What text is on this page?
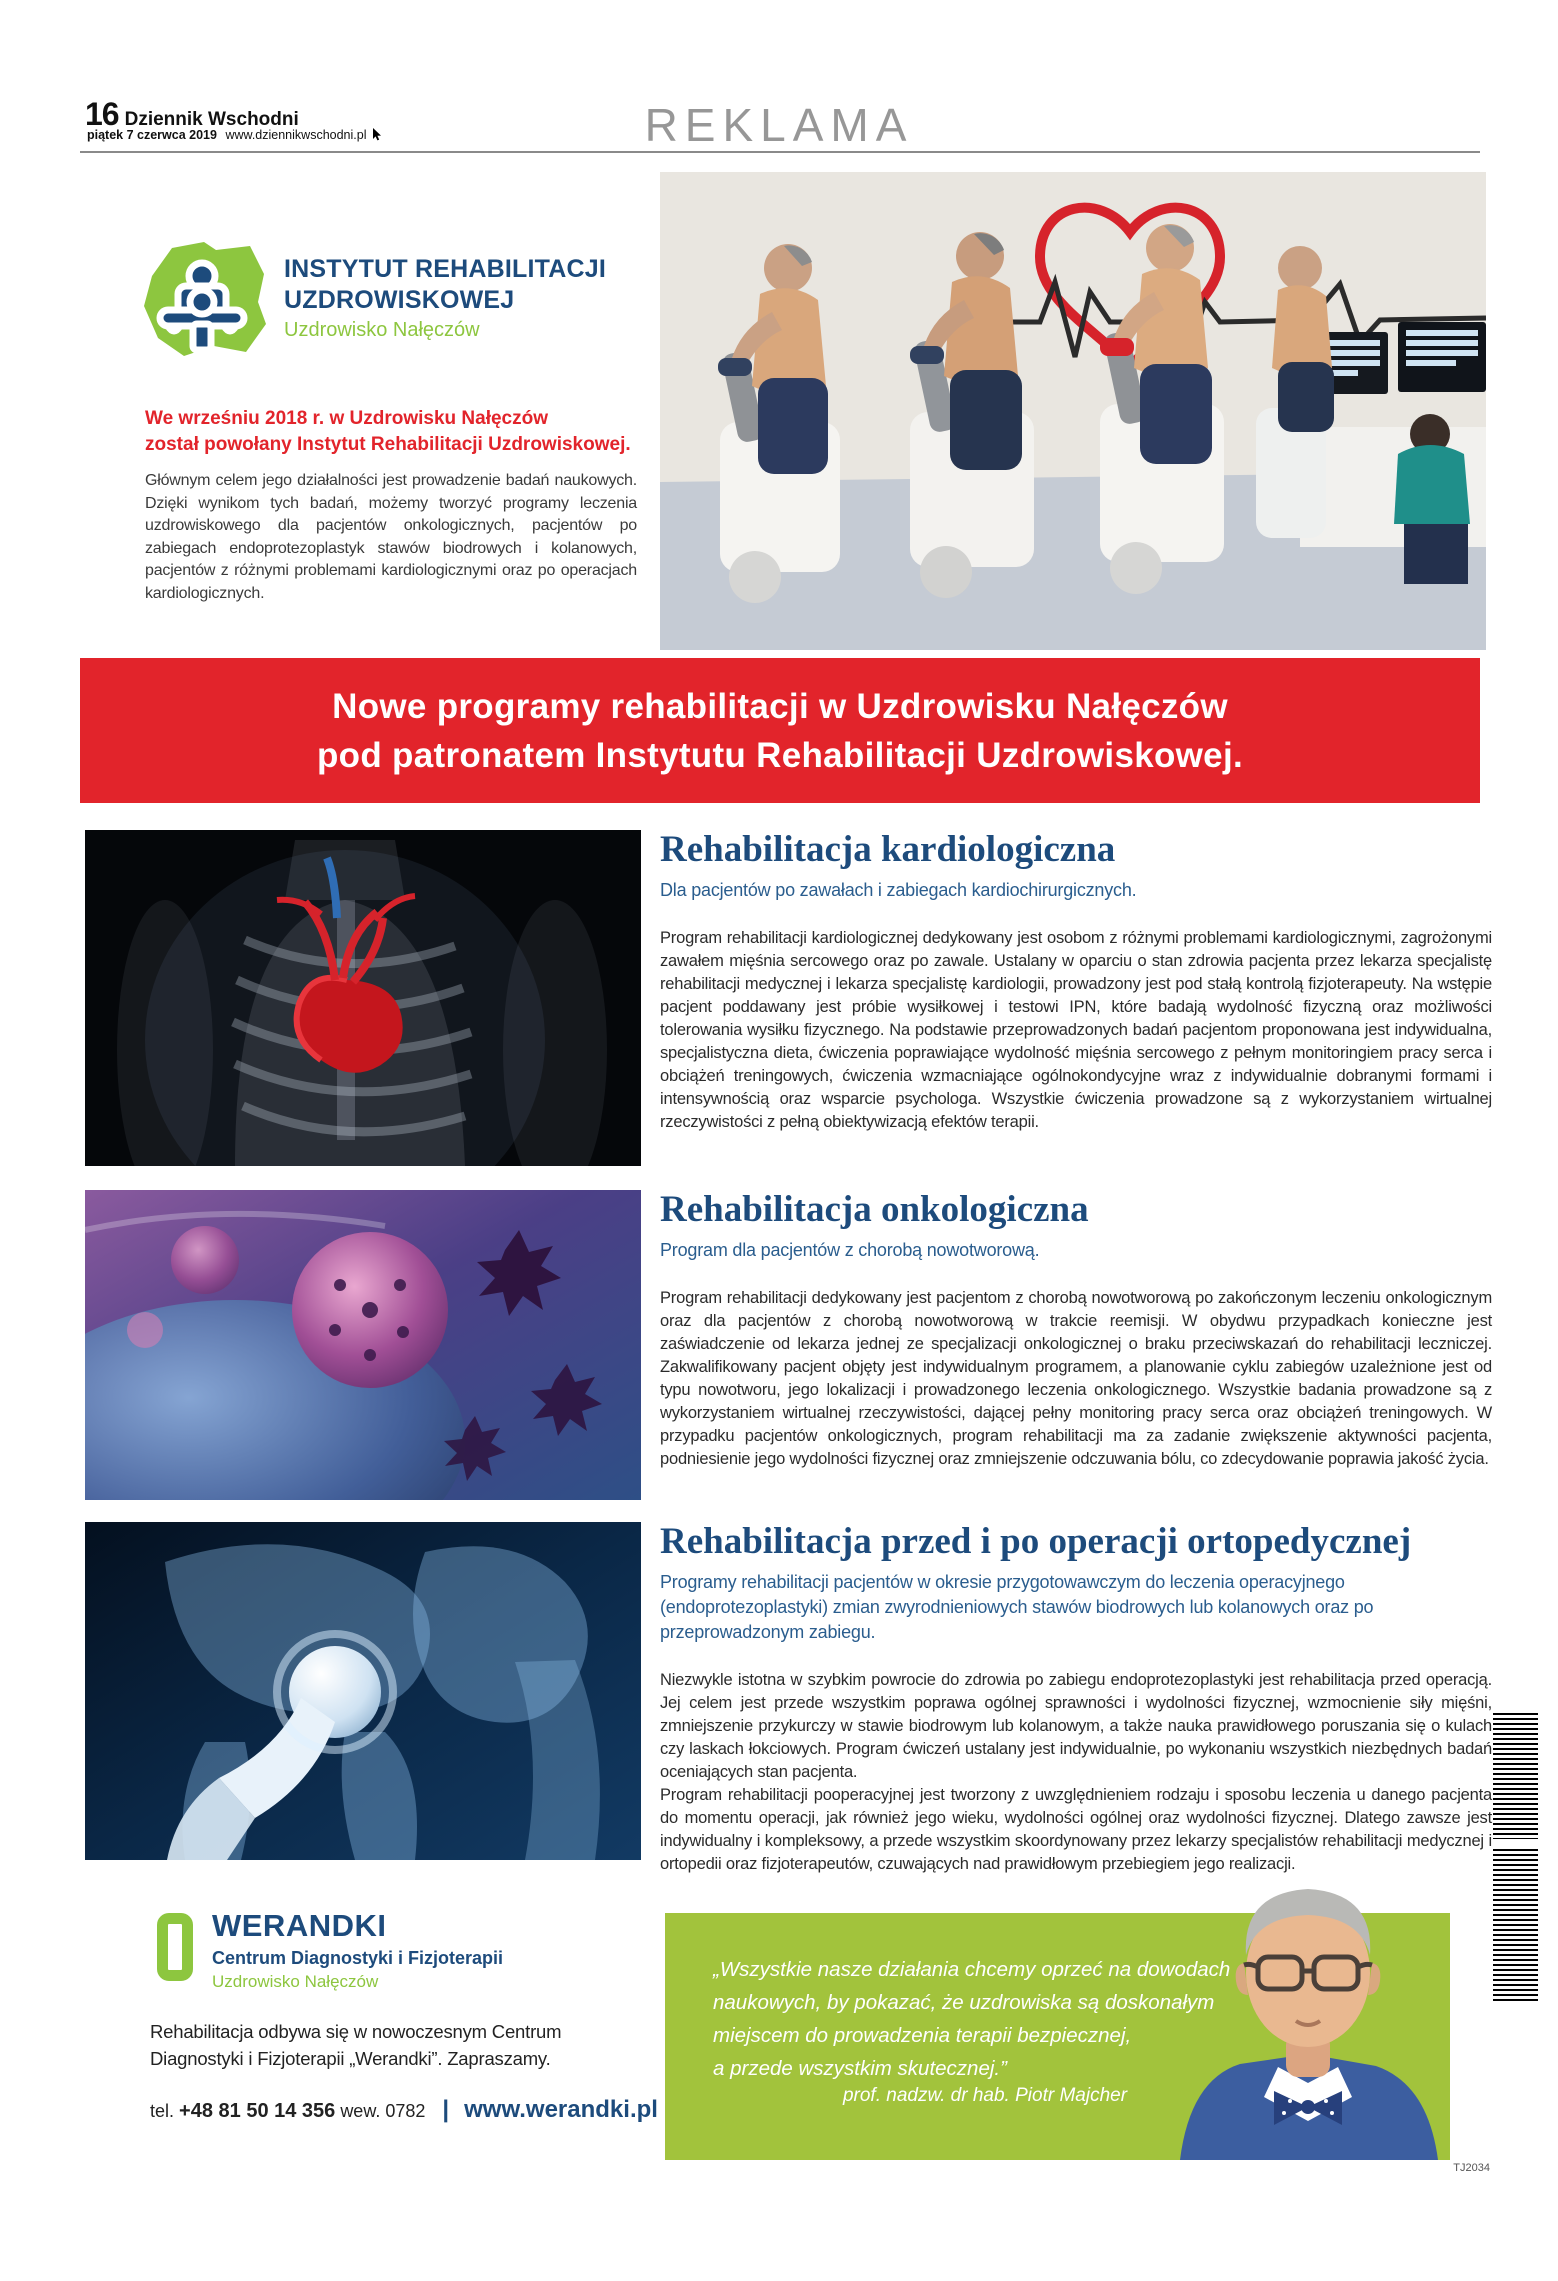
16 Dziennik Wschodni
piątek 7 czerwca 2019 www.dziennikwschodni.pl	REKLAMA
INSTYTUT REHABILITACJI
UZDROWISKOWEJ
Uzdrowisko Nałęczów
We wrześniu 2018 r. w Uzdrowisku Nałęczów
został powołany Instytut Rehabilitacji Uzdrowiskowej.
Głównym celem jego działalności jest prowadzenie badań naukowych. Dzięki wynikom tych badań, możemy tworzyć programy leczenia uzdrowiskowego dla pacjentów onkologicznych, pacjentów po zabiegach endoprotezoplastyk stawów biodrowych i kolanowych, pacjentów z różnymi problemami kardiologicznymi oraz po operacjach kardiologicznych.
Nowe programy rehabilitacji w Uzdrowisku Nałęczów
pod patronatem Instytutu Rehabilitacji Uzdrowiskowej.
Rehabilitacja kardiologiczna
Dla pacjentów po zawałach i zabiegach kardiochirurgicznych.
Program rehabilitacji kardiologicznej dedykowany jest osobom z różnymi problemami kardiologicznymi, zagrożonymi zawałem mięśnia sercowego oraz po zawale. Ustalany w oparciu o stan zdrowia pacjenta przez lekarza specjalistę rehabilitacji medycznej i lekarza specjalistę kardiologii, prowadzony jest pod stałą kontrolą fizjoterapeuty. Na wstępie pacjent poddawany jest próbie wysiłkowej i testowi IPN, które badają wydolność fizyczną oraz możliwości tolerowania wysiłku fizycznego. Na podstawie przeprowadzonych badań pacjentom proponowana jest indywidualna, specjalistyczna dieta, ćwiczenia poprawiające wydolność mięśnia sercowego z pełnym monitoringiem pracy serca i obciążeń treningowych, ćwiczenia wzmacniające ogólnokondycyjne wraz z indywidualnie dobranymi formami i intensywnością oraz wsparcie psychologa. Wszystkie ćwiczenia prowadzone są z wykorzystaniem wirtualnej rzeczywistości z pełną obiektywizacją efektów terapii.
Rehabilitacja onkologiczna
Program dla pacjentów z chorobą nowotworową.
Program rehabilitacji dedykowany jest pacjentom z chorobą nowotworową po zakończonym leczeniu onkologicznym oraz dla pacjentów z chorobą nowotworową w trakcie reemisji. W obydwu przypadkach konieczne jest zaświadczenie od lekarza jednej ze specjalizacji onkologicznej o braku przeciwskazań do rehabilitacji leczniczej. Zakwalifikowany pacjent objęty jest indywidualnym programem, a planowanie cyklu zabiegów uzależnione jest od typu nowotworu, jego lokalizacji i prowadzonego leczenia onkologicznego. Wszystkie badania prowadzone są z wykorzystaniem wirtualnej rzeczywistości, dającej pełny monitoring pracy serca oraz obciążeń treningowych. W przypadku pacjentów onkologicznych, program rehabilitacji ma za zadanie zwiększenie aktywności pacjenta, podniesienie jego wydolności fizycznej oraz zmniejszenie odczuwania bólu, co zdecydowanie poprawia jakość życia.
Rehabilitacja przed i po operacji ortopedycznej
Programy rehabilitacji pacjentów w okresie przygotowawczym do leczenia operacyjnego (endoprotezoplastyki) zmian zwyrodnieniowych stawów biodrowych lub kolanowych oraz po przeprowadzonym zabiegu.
Niezwykle istotna w szybkim powrocie do zdrowia po zabiegu endoprotezoplastyki jest rehabilitacja przed operacją. Jej celem jest przede wszystkim poprawa ogólnej sprawności i wydolności fizycznej, wzmocnienie siły mięśni, zmniejszenie przykurczy w stawie biodrowym lub kolanowym, a także nauka prawidłowego poruszania się o kulach czy laskach łokciowych. Program ćwiczeń ustalany jest indywidualnie, po wykonaniu wszystkich niezbędnych badań oceniających stan pacjenta.
Program rehabilitacji pooperacyjnej jest tworzony z uwzględnieniem rodzaju i sposobu leczenia u danego pacjenta do momentu operacji, jak również jego wieku, wydolności ogólnej oraz wydolności fizycznej. Dlatego zawsze jest indywidualny i kompleksowy, a przede wszystkim skoordynowany przez lekarzy specjalistów rehabilitacji medycznej i ortopedii oraz fizjoterapeutów, czuwających nad prawidłowym przebiegiem jego realizacji.
WERANDKI
Centrum Diagnostyki i Fizjoterapii
Uzdrowisko Nałęczów
Rehabilitacja odbywa się w nowoczesnym Centrum Diagnostyki i Fizjoterapii „Werandki”. Zapraszamy.
tel. +48 81 50 14 356 wew. 0782 | www.werandki.pl
„Wszystkie nasze działania chcemy oprzeć na dowodach
naukowych, by pokazać, że uzdrowiska są doskonałym
miejscem do prowadzenia terapii bezpiecznej,
a przede wszystkim skutecznej.”
prof. nadzw. dr hab. Piotr Majcher
TJ2034
